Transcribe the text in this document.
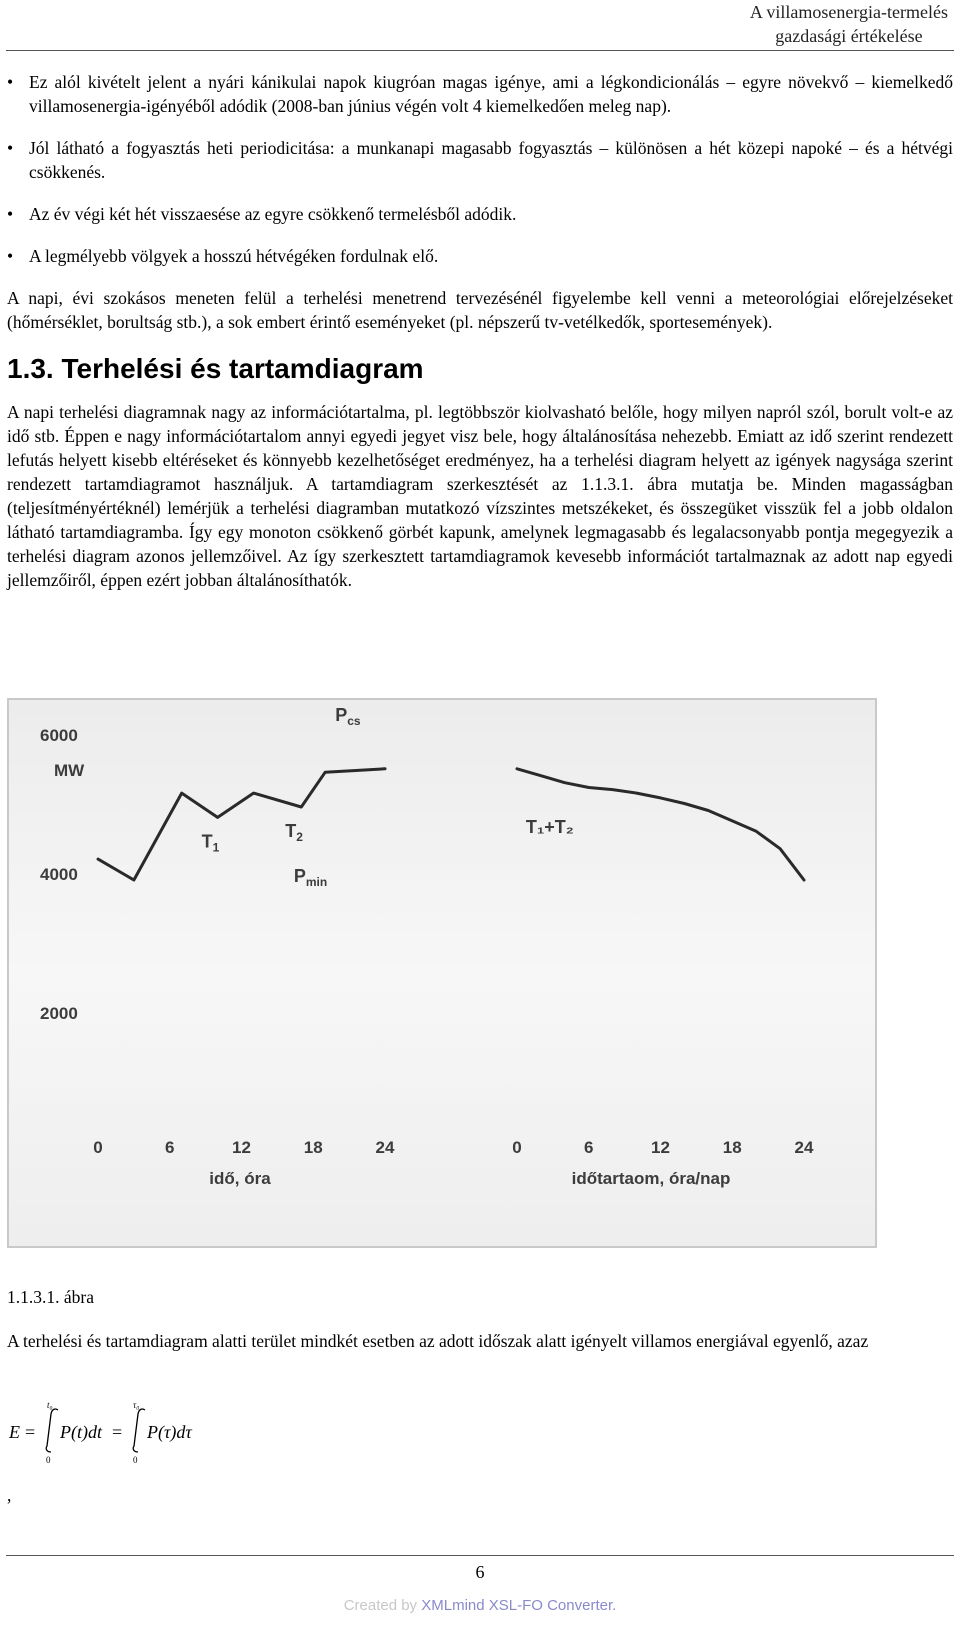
A villamosenergia-termelés
gazdasági értékelése
• Ez alól kivételt jelent a nyári kánikulai napok kiugróan magas igénye, ami a légkondicionálás – egyre növekvő – kiemelkedő villamosenergia-igényéből adódik (2008-ban június végén volt 4 kiemelkedően meleg nap).
• Jól látható a fogyasztás heti periodicitása: a munkanapi magasabb fogyasztás – különösen a hét közepi napoké – és a hétvégi csökkenés.
• Az év végi két hét visszaesése az egyre csökkenő termelésből adódik.
• A legmélyebb völgyek a hosszú hétvégéken fordulnak elő.

A napi, évi szokásos meneten felül a terhelési menetrend tervezésénél figyelembe kell venni a meteorológiai előrejelzéseket (hőmérséklet, borultság stb.), a sok embert érintő eseményeket (pl. népszerű tv-vetélkedők, sportesemények).

1.3. Terhelési és tartamdiagram

A napi terhelési diagramnak nagy az információtartalma, pl. legtöbbször kiolvasható belőle, hogy milyen napról szól, borult volt-e az idő stb. Éppen e nagy információtartalom annyi egyedi jegyet visz bele, hogy általánosítása nehezebb. Emiatt az idő szerint rendezett lefutás helyett kisebb eltéréseket és könnyebb kezelhetőséget eredményez, ha a terhelési diagram helyett az igények nagysága szerint rendezett tartamdiagramot használjuk. A tartamdiagram szerkesztését az 1.1.3.1. ábra mutatja be. Minden magasságban (teljesítményértéknél) lemérjük a terhelési diagramban mutatkozó vízszintes metszékeket, és összegüket visszük fel a jobb oldalon látható tartamdiagramba. Így egy monoton csökkenő görbét kapunk, amelynek legmagasabb és legalacsonyabb pontja megegyezik a terhelési diagram azonos jellemzőivel. Az így szerkesztett tartamdiagramok kevesebb információt tartalmaznak az adott nap egyedi jellemzőiről, éppen ezért jobban általánosíthatók.

6000
4000
2000
MW
0	6	12	18	24
idő, óra
$P_{cs}$
$T_1$
$T_2$
$P_{min}$
0	6	12	18	24
időtartaom, óra/nap
T₁+T₂
1.1.3.1. ábra
A terhelési és tartamdiagram alatti terület mindkét esetben az adott időszak alatt igényelt villamos energiával egyenlő, azaz
E =
t₀
0
P(t)dt =
τ₀
0
P(τ)dτ
,
6
Created by XMLmind XSL-FO Converter.
